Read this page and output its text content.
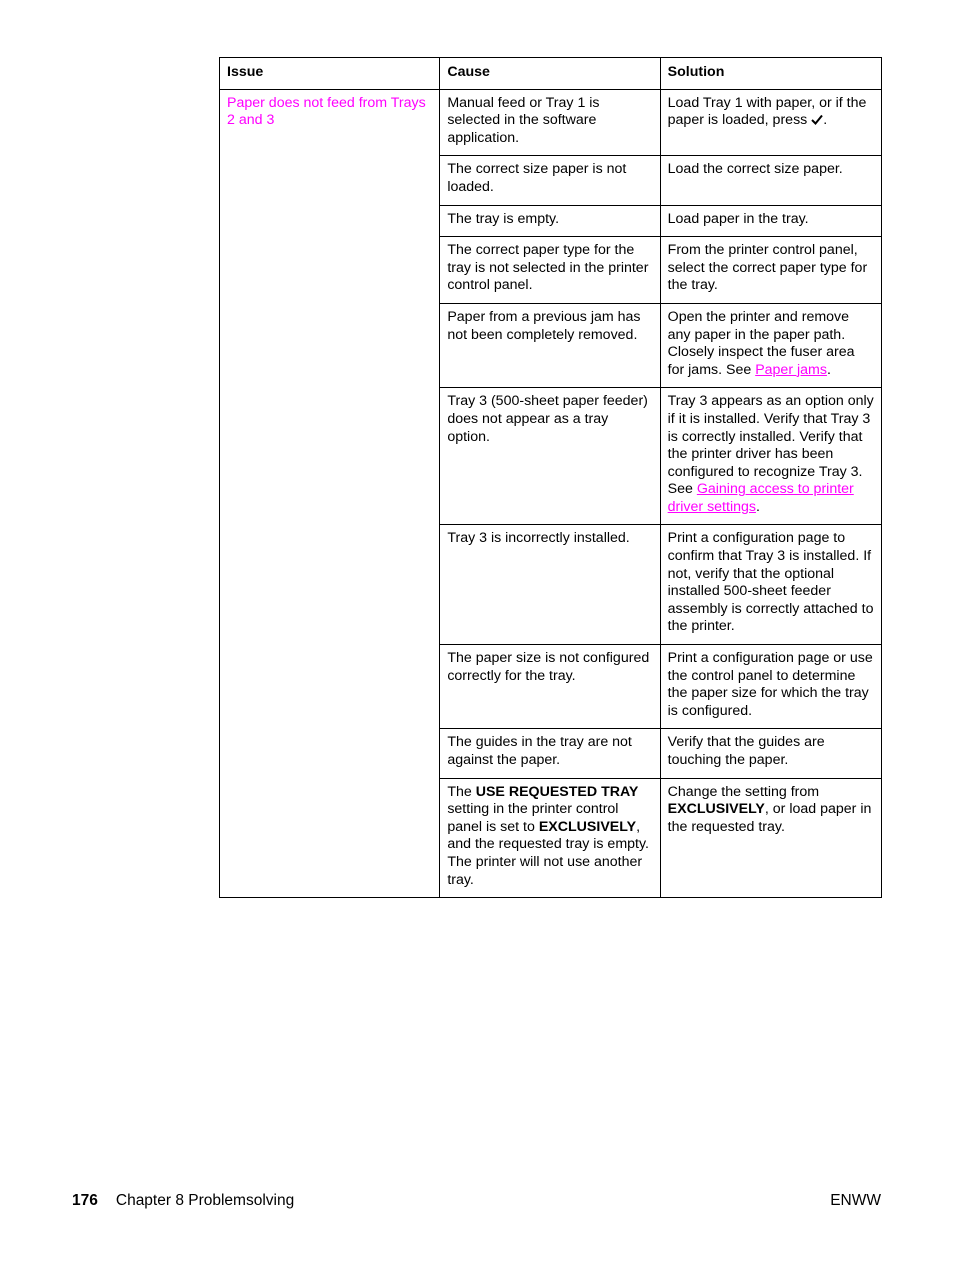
Issue	Cause	Solution
Paper does not feed from Trays 2 and 3	Manual feed or Tray 1 is selected in the software application.	Load Tray 1 with paper, or if the paper is loaded, press .
	The correct size paper is not loaded.	Load the correct size paper.
	The tray is empty.	Load paper in the tray.
	The correct paper type for the tray is not selected in the printer control panel.	From the printer control panel, select the correct paper type for the tray.
	Paper from a previous jam has not been completely removed.	Open the printer and remove any paper in the paper path. Closely inspect the fuser area for jams. See Paper jams.
	Tray 3 (500-sheet paper feeder) does not appear as a tray option.	Tray 3 appears as an option only if it is installed. Verify that Tray 3 is correctly installed. Verify that the printer driver has been configured to recognize Tray 3. See Gaining access to printer driver settings.
	Tray 3 is incorrectly installed.	Print a configuration page to confirm that Tray 3 is installed. If not, verify that the optional installed 500-sheet feeder assembly is correctly attached to the printer.
	The paper size is not configured correctly for the tray.	Print a configuration page or use the control panel to determine the paper size for which the tray is configured.
	The guides in the tray are not against the paper.	Verify that the guides are touching the paper.
	The USE REQUESTED TRAY setting in the printer control panel is set to EXCLUSIVELY, and the requested tray is empty. The printer will not use another tray.	Change the setting from EXCLUSIVELY, or load paper in the requested tray.
176 Chapter 8 Problemsolving	ENWW
